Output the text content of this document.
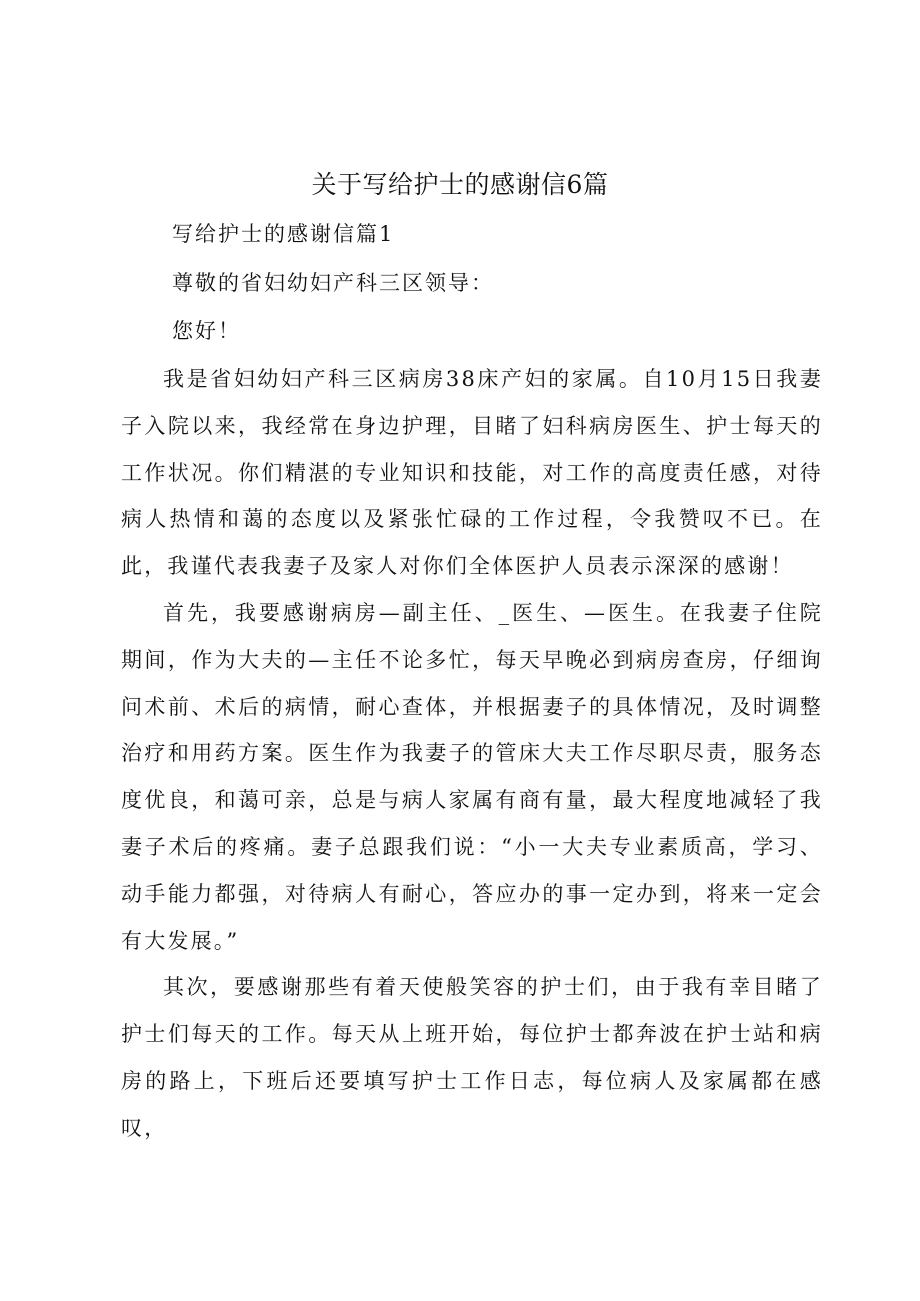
关于写给护士的感谢信6篇
写给护士的感谢信篇1
尊敬的省妇幼妇产科三区领导：
您好！

我是省妇幼妇产科三区病房38床产妇的家属。自10月15日我妻子入院以来，我经常在身边护理，目睹了妇科病房医生、护士每天的工作状况。你们精湛的专业知识和技能，对工作的高度责任感，对待病人热情和蔼的态度以及紧张忙碌的工作过程，令我赞叹不已。在此，我谨代表我妻子及家人对你们全体医护人员表示深深的感谢！

首先，我要感谢病房—副主任、_医生、—医生。在我妻子住院期间，作为大夫的—主任不论多忙，每天早晚必到病房查房，仔细询问术前、术后的病情，耐心查体，并根据妻子的具体情况，及时调整治疗和用药方案。医生作为我妻子的管床大夫工作尽职尽责，服务态度优良，和蔼可亲，总是与病人家属有商有量，最大程度地减轻了我妻子术后的疼痛。妻子总跟我们说：“小一大夫专业素质高，学习、动手能力都强，对待病人有耐心，答应办的事一定办到，将来一定会有大发展。”

其次，要感谢那些有着天使般笑容的护士们，由于我有幸目睹了护士们每天的工作。每天从上班开始，每位护士都奔波在护士站和病房的路上，下班后还要填写护士工作日志，每位病人及家属都在感叹，
